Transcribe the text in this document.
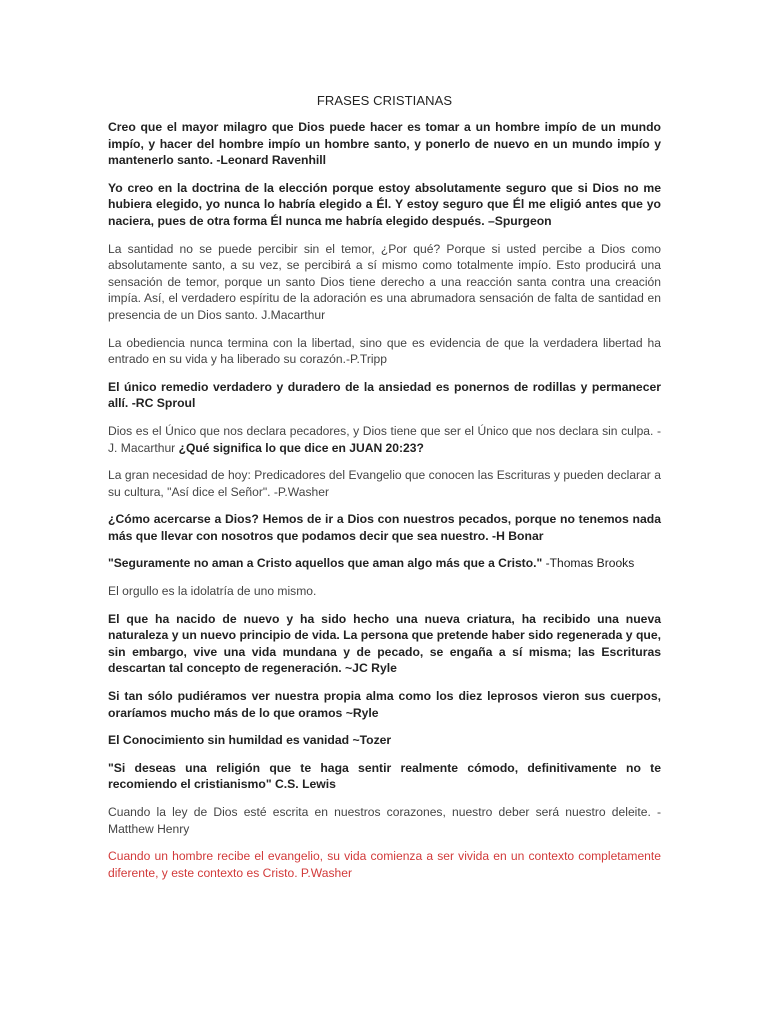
FRASES CRISTIANAS

Creo que el mayor milagro que Dios puede hacer es tomar a un hombre impío de un mundo impío, y hacer del hombre impío un hombre santo, y ponerlo de nuevo en un mundo impío y mantenerlo santo. -Leonard Ravenhill

Yo creo en la doctrina de la elección porque estoy absolutamente seguro que si Dios no me hubiera elegido, yo nunca lo habría elegido a Él. Y estoy seguro que Él me eligió antes que yo naciera, pues de otra forma Él nunca me habría elegido después. –Spurgeon

La santidad no se puede percibir sin el temor, ¿Por qué? Porque si usted percibe a Dios como absolutamente santo, a su vez, se percibirá a sí mismo como totalmente impío. Esto producirá una sensación de temor, porque un santo Dios tiene derecho a una reacción santa contra una creación impía. Así, el verdadero espíritu de la adoración es una abrumadora sensación de falta de santidad en presencia de un Dios santo. J.Macarthur

La obediencia nunca termina con la libertad, sino que es evidencia de que la verdadera libertad ha entrado en su vida y ha liberado su corazón.-P.Tripp

El único remedio verdadero y duradero de la ansiedad es ponernos de rodillas y permanecer allí. -RC Sproul

Dios es el Único que nos declara pecadores, y Dios tiene que ser el Único que nos declara sin culpa. -J. Macarthur ¿Qué significa lo que dice en JUAN 20:23?

La gran necesidad de hoy: Predicadores del Evangelio que conocen las Escrituras y pueden declarar a su cultura, "Así dice el Señor". -P.Washer

¿Cómo acercarse a Dios? Hemos de ir a Dios con nuestros pecados, porque no tenemos nada más que llevar con nosotros que podamos decir que sea nuestro. -H Bonar

"Seguramente no aman a Cristo aquellos que aman algo más que a Cristo." -Thomas Brooks

El orgullo es la idolatría de uno mismo.

El que ha nacido de nuevo y ha sido hecho una nueva criatura, ha recibido una nueva naturaleza y un nuevo principio de vida. La persona que pretende haber sido regenerada y que, sin embargo, vive una vida mundana y de pecado, se engaña a sí misma; las Escrituras descartan tal concepto de regeneración. ~JC Ryle

Si tan sólo pudiéramos ver nuestra propia alma como los diez leprosos vieron sus cuerpos, oraríamos mucho más de lo que oramos ~Ryle

El Conocimiento sin humildad es vanidad ~Tozer

"Si deseas una religión que te haga sentir realmente cómodo, definitivamente no te recomiendo el cristianismo" C.S. Lewis

Cuando la ley de Dios esté escrita en nuestros corazones, nuestro deber será nuestro deleite. -Matthew Henry

Cuando un hombre recibe el evangelio, su vida comienza a ser vivida en un contexto completamente diferente, y este contexto es Cristo. P.Washer
